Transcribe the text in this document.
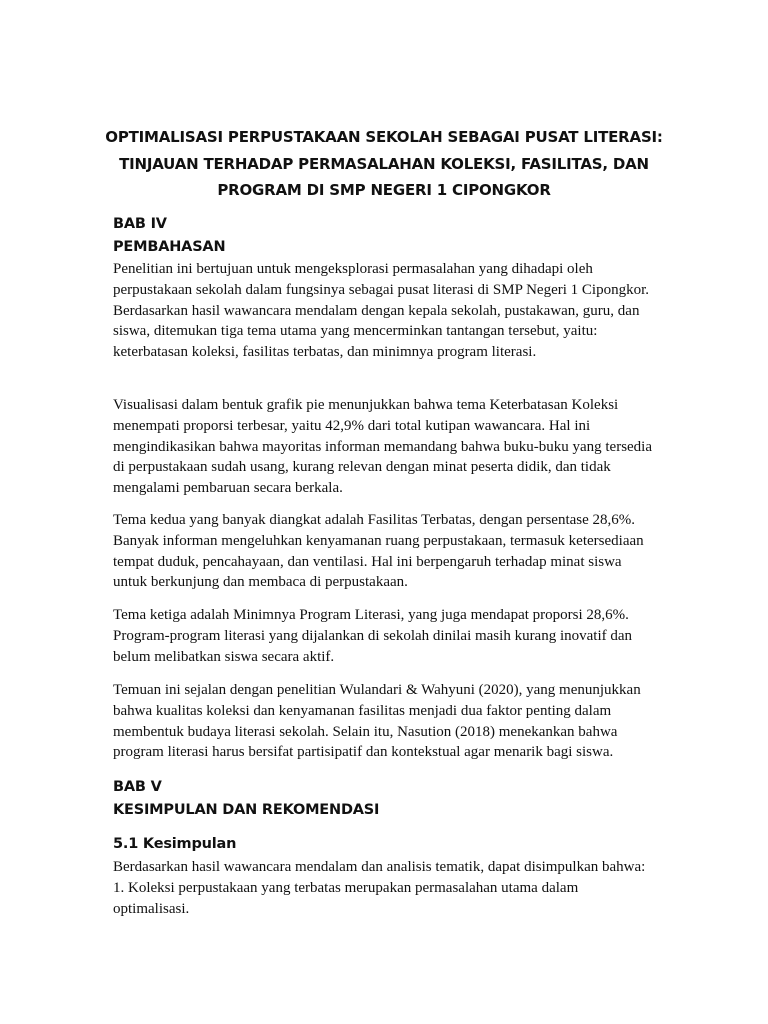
OPTIMALISASI PERPUSTAKAAN SEKOLAH SEBAGAI PUSAT LITERASI:
TINJAUAN TERHADAP PERMASALAHAN KOLEKSI, FASILITAS, DAN
PROGRAM DI SMP NEGERI 1 CIPONGKOR
BAB IV
PEMBAHASAN
Penelitian ini bertujuan untuk mengeksplorasi permasalahan yang dihadapi oleh
perpustakaan sekolah dalam fungsinya sebagai pusat literasi di SMP Negeri 1 Cipongkor.
Berdasarkan hasil wawancara mendalam dengan kepala sekolah, pustakawan, guru, dan
siswa, ditemukan tiga tema utama yang mencerminkan tantangan tersebut, yaitu:
keterbatasan koleksi, fasilitas terbatas, dan minimnya program literasi.
Visualisasi dalam bentuk grafik pie menunjukkan bahwa tema Keterbatasan Koleksi
menempati proporsi terbesar, yaitu 42,9% dari total kutipan wawancara. Hal ini
mengindikasikan bahwa mayoritas informan memandang bahwa buku-buku yang tersedia
di perpustakaan sudah usang, kurang relevan dengan minat peserta didik, dan tidak
mengalami pembaruan secara berkala.
Tema kedua yang banyak diangkat adalah Fasilitas Terbatas, dengan persentase 28,6%.
Banyak informan mengeluhkan kenyamanan ruang perpustakaan, termasuk ketersediaan
tempat duduk, pencahayaan, dan ventilasi. Hal ini berpengaruh terhadap minat siswa
untuk berkunjung dan membaca di perpustakaan.
Tema ketiga adalah Minimnya Program Literasi, yang juga mendapat proporsi 28,6%.
Program-program literasi yang dijalankan di sekolah dinilai masih kurang inovatif dan
belum melibatkan siswa secara aktif.
Temuan ini sejalan dengan penelitian Wulandari & Wahyuni (2020), yang menunjukkan
bahwa kualitas koleksi dan kenyamanan fasilitas menjadi dua faktor penting dalam
membentuk budaya literasi sekolah. Selain itu, Nasution (2018) menekankan bahwa
program literasi harus bersifat partisipatif dan kontekstual agar menarik bagi siswa.
BAB V
KESIMPULAN DAN REKOMENDASI
5.1 Kesimpulan
Berdasarkan hasil wawancara mendalam dan analisis tematik, dapat disimpulkan bahwa:
1. Koleksi perpustakaan yang terbatas merupakan permasalahan utama dalam
optimalisasi.
